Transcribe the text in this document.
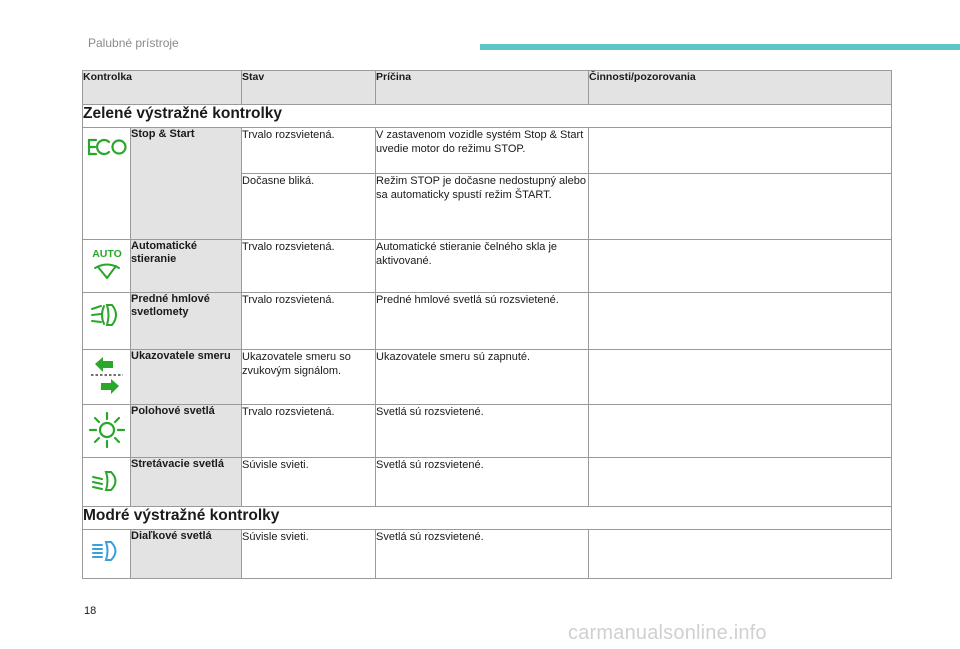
Palubné prístroje
Kontrolka		Stav	Príčina	Činnosti/pozorovania
Zelené výstražné kontrolky				
	Stop & Start	Trvalo rozsvietená.	V zastavenom vozidle systém Stop & Start uvedie motor do režimu STOP.	
		Dočasne bliká.	Režim STOP je dočasne nedostupný alebo sa automaticky spustí režim ŠTART.	

AUTO	Automatické stieranie	Trvalo rozsvietená.	Automatické stieranie čelného skla je aktivované.	
	Predné hmlové svetlomety	Trvalo rozsvietená.	Predné hmlové svetlá sú rozsvietené.	
	Ukazovatele smeru	Ukazovatele smeru so zvukovým signálom.	Ukazovatele smeru sú zapnuté.	
	Polohové svetlá	Trvalo rozsvietená.	Svetlá sú rozsvietené.	
	Stretávacie svetlá	Súvisle svieti.	Svetlá sú rozsvietené.	
Modré výstražné kontrolky				
	Diaľkové svetlá	Súvisle svieti.	Svetlá sú rozsvietené.	
18
carmanualsonline.info
